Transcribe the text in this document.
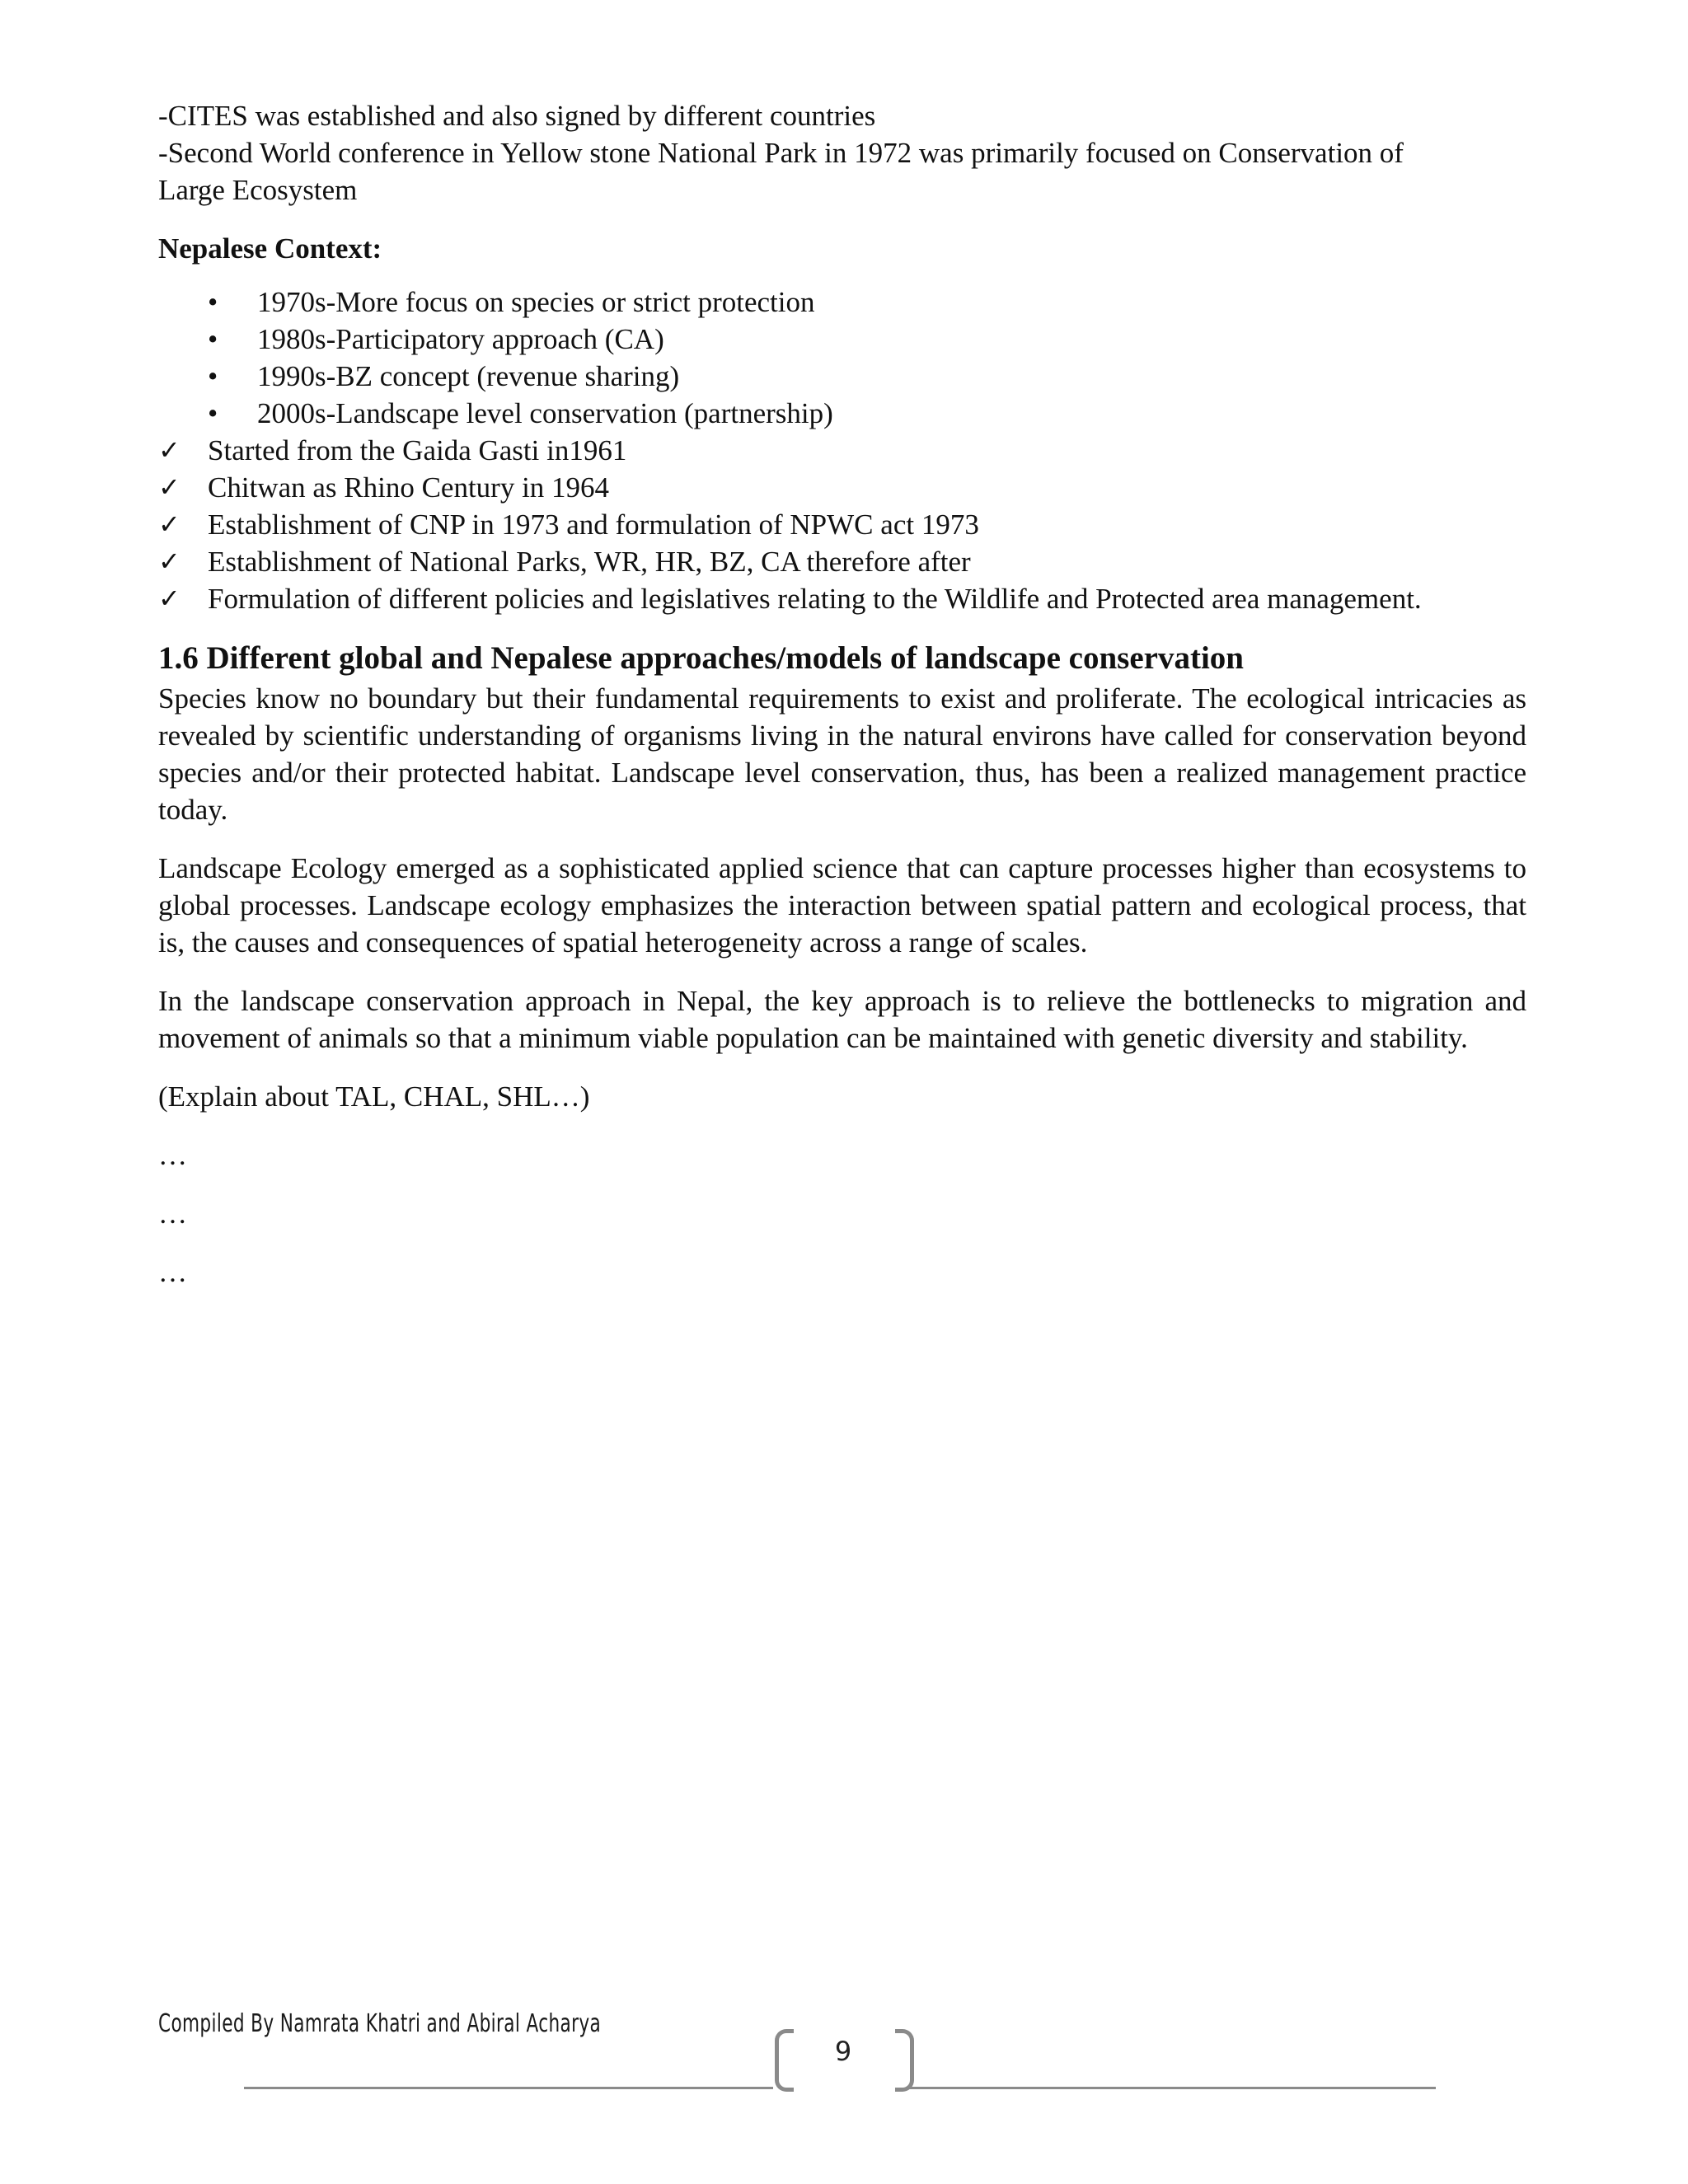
-CITES was established and also signed by different countries

-Second World conference in Yellow stone National Park in 1972 was primarily focused on Conservation of

Large Ecosystem

Nepalese Context:

• 1970s-More focus on species or strict protection
• 1980s-Participatory approach (CA)
• 1990s-BZ concept (revenue sharing)
• 2000s-Landscape level conservation (partnership)
✓ Started from the Gaida Gasti in1961
✓ Chitwan as Rhino Century in 1964
✓ Establishment of CNP in 1973 and formulation of NPWC act 1973
✓ Establishment of National Parks, WR, HR, BZ, CA therefore after
✓ Formulation of different policies and legislatives relating to the Wildlife and Protected area management.
1.6 Different global and Nepalese approaches/models of landscape conservation

Species know no boundary but their fundamental requirements to exist and proliferate. The ecological intricacies as revealed by scientific understanding of organisms living in the natural environs have called for conservation beyond species and/or their protected habitat. Landscape level conservation, thus, has been a realized management practice today.

Landscape Ecology emerged as a sophisticated applied science that can capture processes higher than ecosystems to global processes. Landscape ecology emphasizes the interaction between spatial pattern and ecological process, that is, the causes and consequences of spatial heterogeneity across a range of scales.

In the landscape conservation approach in Nepal, the key approach is to relieve the bottlenecks to migration and movement of animals so that a minimum viable population can be maintained with genetic diversity and stability.

(Explain about TAL, CHAL, SHL…)

…

…

…

Compiled By Namrata Khatri and Abiral Acharya
9
